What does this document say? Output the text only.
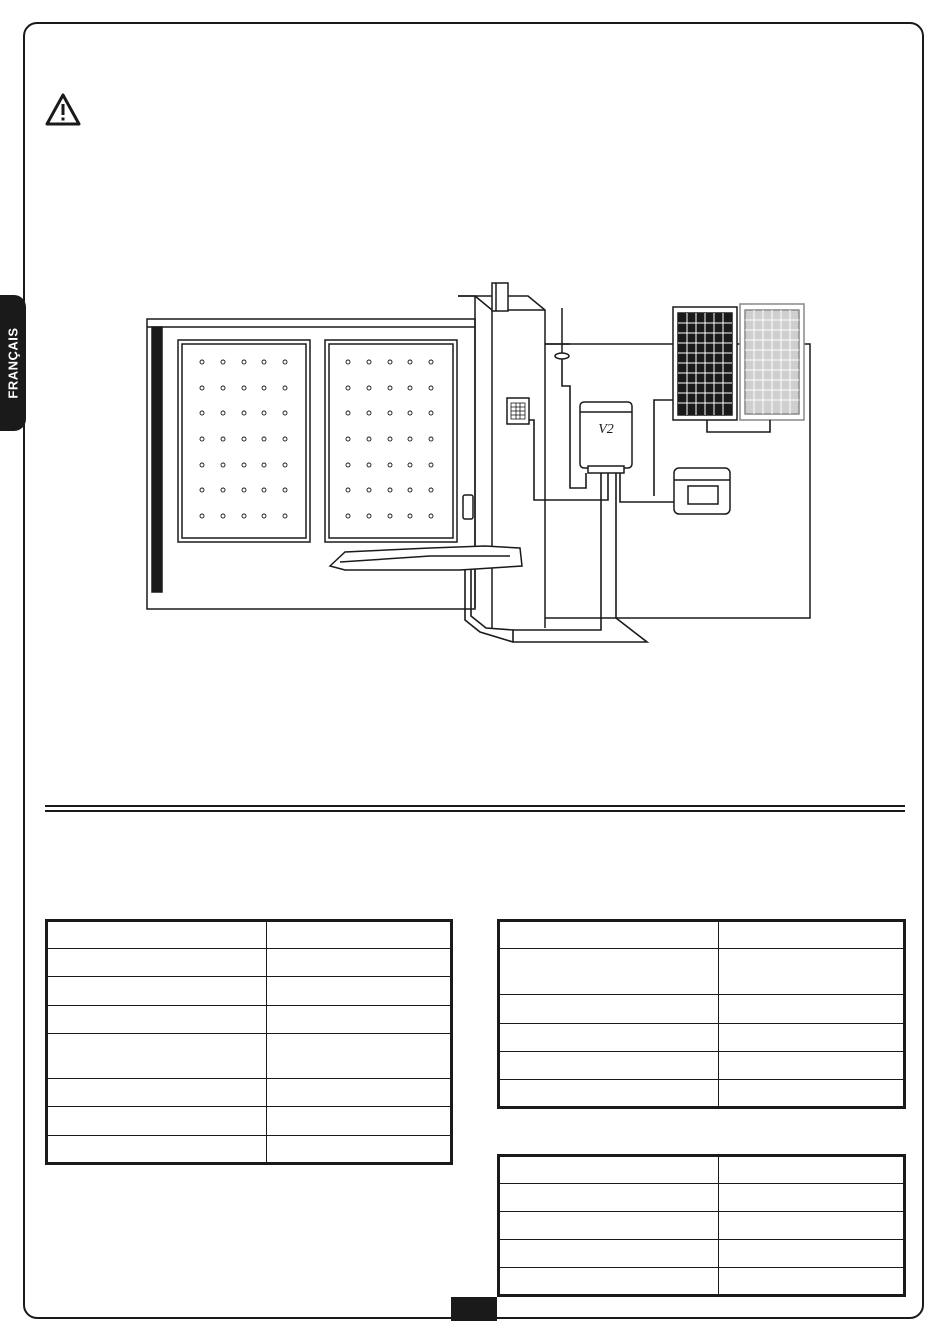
FRANÇAIS
V2
